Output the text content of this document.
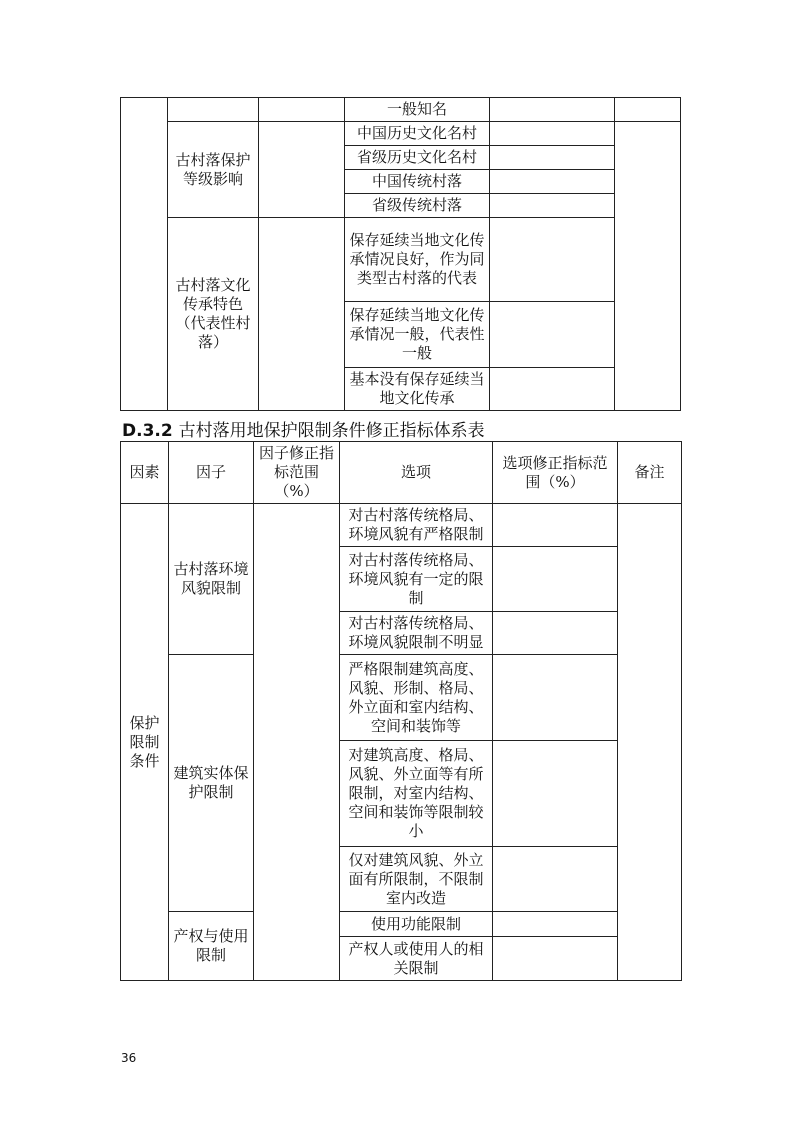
			一般知名		
	古村落保护等级影响		中国历史文化名村		
			省级历史文化名村		
			中国传统村落		
			省级传统村落		
	古村落文化传承特色（代表性村落）		保存延续当地文化传承情况良好，作为同类型古村落的代表		
			保存延续当地文化传承情况一般，代表性一般		
			基本没有保存延续当地文化传承		
D.3.2 古村落用地保护限制条件修正指标体系表
因素	因子	因子修正指标范围（%）	选项	选项修正指标范围（%）	备注
保护限制条件	古村落环境风貌限制		对古村落传统格局、环境风貌有严格限制		
			对古村落传统格局、环境风貌有一定的限制		
			对古村落传统格局、环境风貌限制不明显		
	建筑实体保护限制		严格限制建筑高度、风貌、形制、格局、外立面和室内结构、空间和装饰等		
			对建筑高度、格局、风貌、外立面等有所限制，对室内结构、空间和装饰等限制较小		
			仅对建筑风貌、外立面有所限制，不限制室内改造		
	产权与使用限制		使用功能限制		
			产权人或使用人的相关限制		
36
